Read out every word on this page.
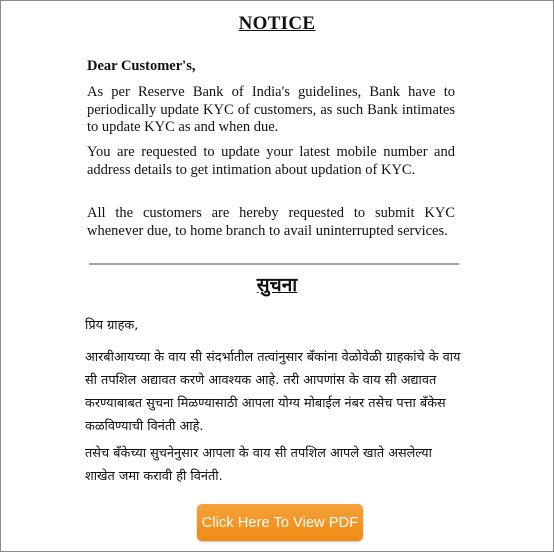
NOTICE
Dear Customer's,
As per Reserve Bank of India's guidelines, Bank have to periodically update KYC of customers, as such Bank intimates to update KYC as and when due.
You are requested to update your latest mobile number and address details to get intimation about updation of KYC.
All the customers are hereby requested to submit KYC whenever due, to home branch to avail uninterrupted services.
सुचना
प्रिय ग्राहक,
आरबीआयच्या के वाय सी संदर्भातील तत्वांनुसार बँकांना वेळोवेळी ग्राहकांचे के वाय सी तपशिल अद्यावत करणे आवश्यक आहे. तरी आपणांस के वाय सी अद्यावत करण्याबाबत सुचना मिळण्यासाठी आपला योग्य मोबाईल नंबर तसेच पत्ता बँकेस कळविण्याची विनंती आहे.
तसेच बँकेच्या सुचनेनुसार आपला के वाय सी तपशिल आपले खाते असलेल्या शाखेत जमा करावी ही विनंती.
Click Here To View PDF
